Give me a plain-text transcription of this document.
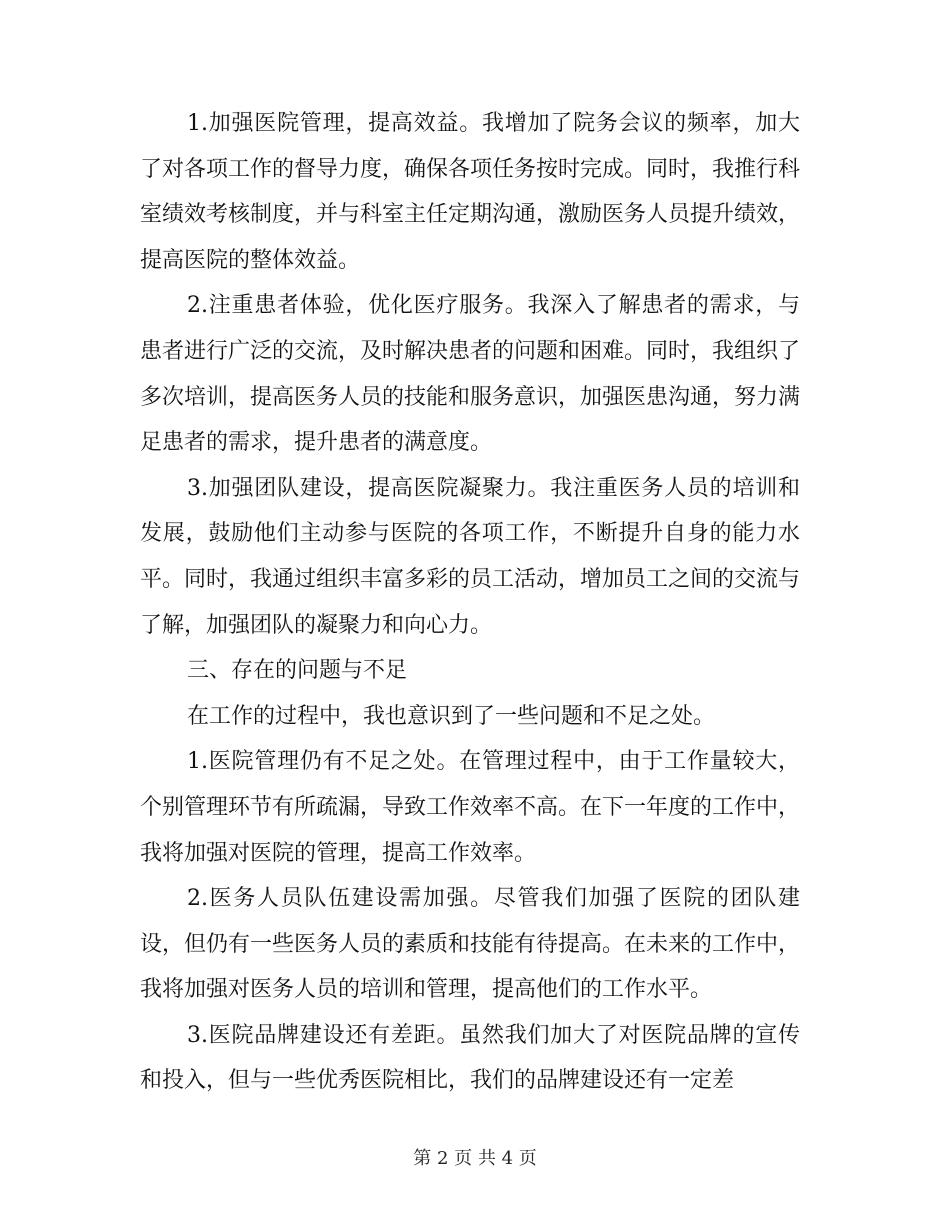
1.加强医院管理，提高效益。我增加了院务会议的频率，加大了对各项工作的督导力度，确保各项任务按时完成。同时，我推行科室绩效考核制度，并与科室主任定期沟通，激励医务人员提升绩效，提高医院的整体效益。

2.注重患者体验，优化医疗服务。我深入了解患者的需求，与患者进行广泛的交流，及时解决患者的问题和困难。同时，我组织了多次培训，提高医务人员的技能和服务意识，加强医患沟通，努力满足患者的需求，提升患者的满意度。

3.加强团队建设，提高医院凝聚力。我注重医务人员的培训和发展，鼓励他们主动参与医院的各项工作，不断提升自身的能力水平。同时，我通过组织丰富多彩的员工活动，增加员工之间的交流与了解，加强团队的凝聚力和向心力。

三、存在的问题与不足

在工作的过程中，我也意识到了一些问题和不足之处。

1.医院管理仍有不足之处。在管理过程中，由于工作量较大，个别管理环节有所疏漏，导致工作效率不高。在下一年度的工作中，我将加强对医院的管理，提高工作效率。

2.医务人员队伍建设需加强。尽管我们加强了医院的团队建设，但仍有一些医务人员的素质和技能有待提高。在未来的工作中，我将加强对医务人员的培训和管理，提高他们的工作水平。

3.医院品牌建设还有差距。虽然我们加大了对医院品牌的宣传和投入，但与一些优秀医院相比，我们的品牌建设还有一定差

第 2 页 共 4 页
